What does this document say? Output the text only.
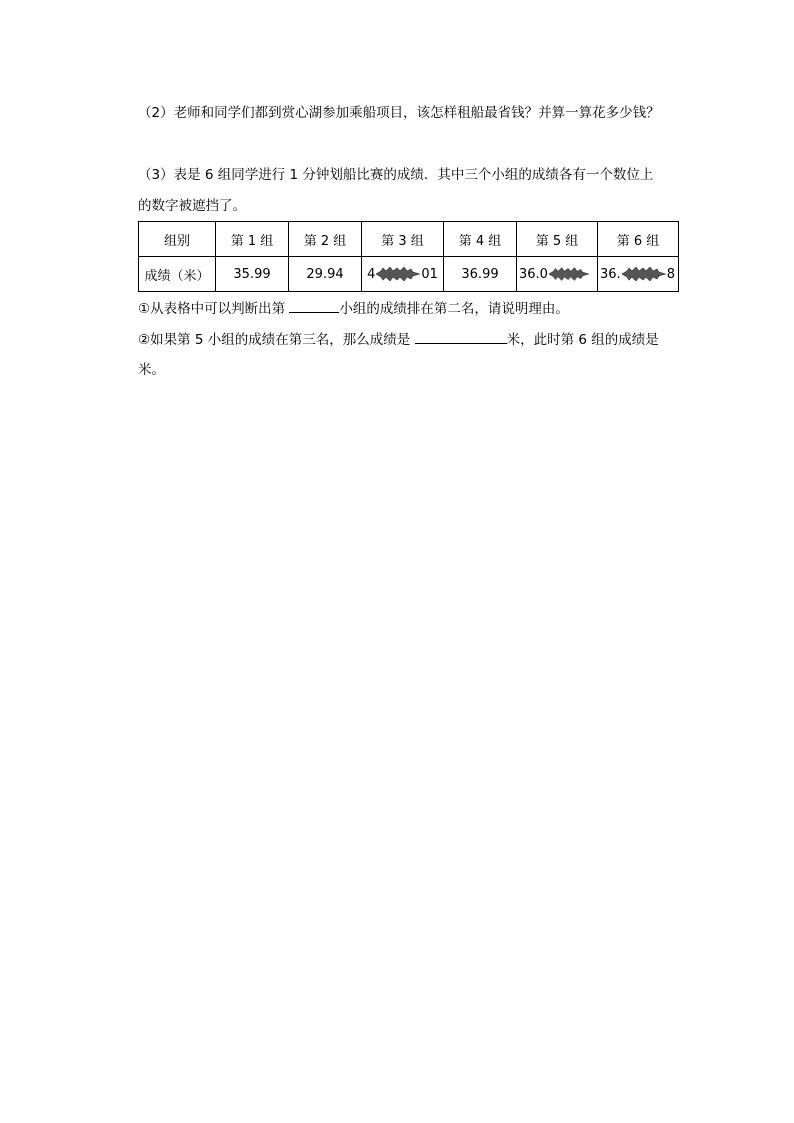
（2）老师和同学们都到赏心湖参加乘船项目，该怎样租船最省钱？并算一算花多少钱？
（3）表是 6 组同学进行 1 分钟划船比赛的成绩．其中三个小组的成绩各有一个数位上
的数字被遮挡了。
组别	第 1 组	第 2 组	第 3 组	第 4 组	第 5 组	第 6 组
成绩（米）	35.99	29.94	4 01	36.99	36.0	36. 8
①从表格中可以判断出第	小组的成绩排在第二名，请说明理由。
②如果第 5 小组的成绩在第三名，那么成绩是	米，此时第 6 组的成绩是
米。
